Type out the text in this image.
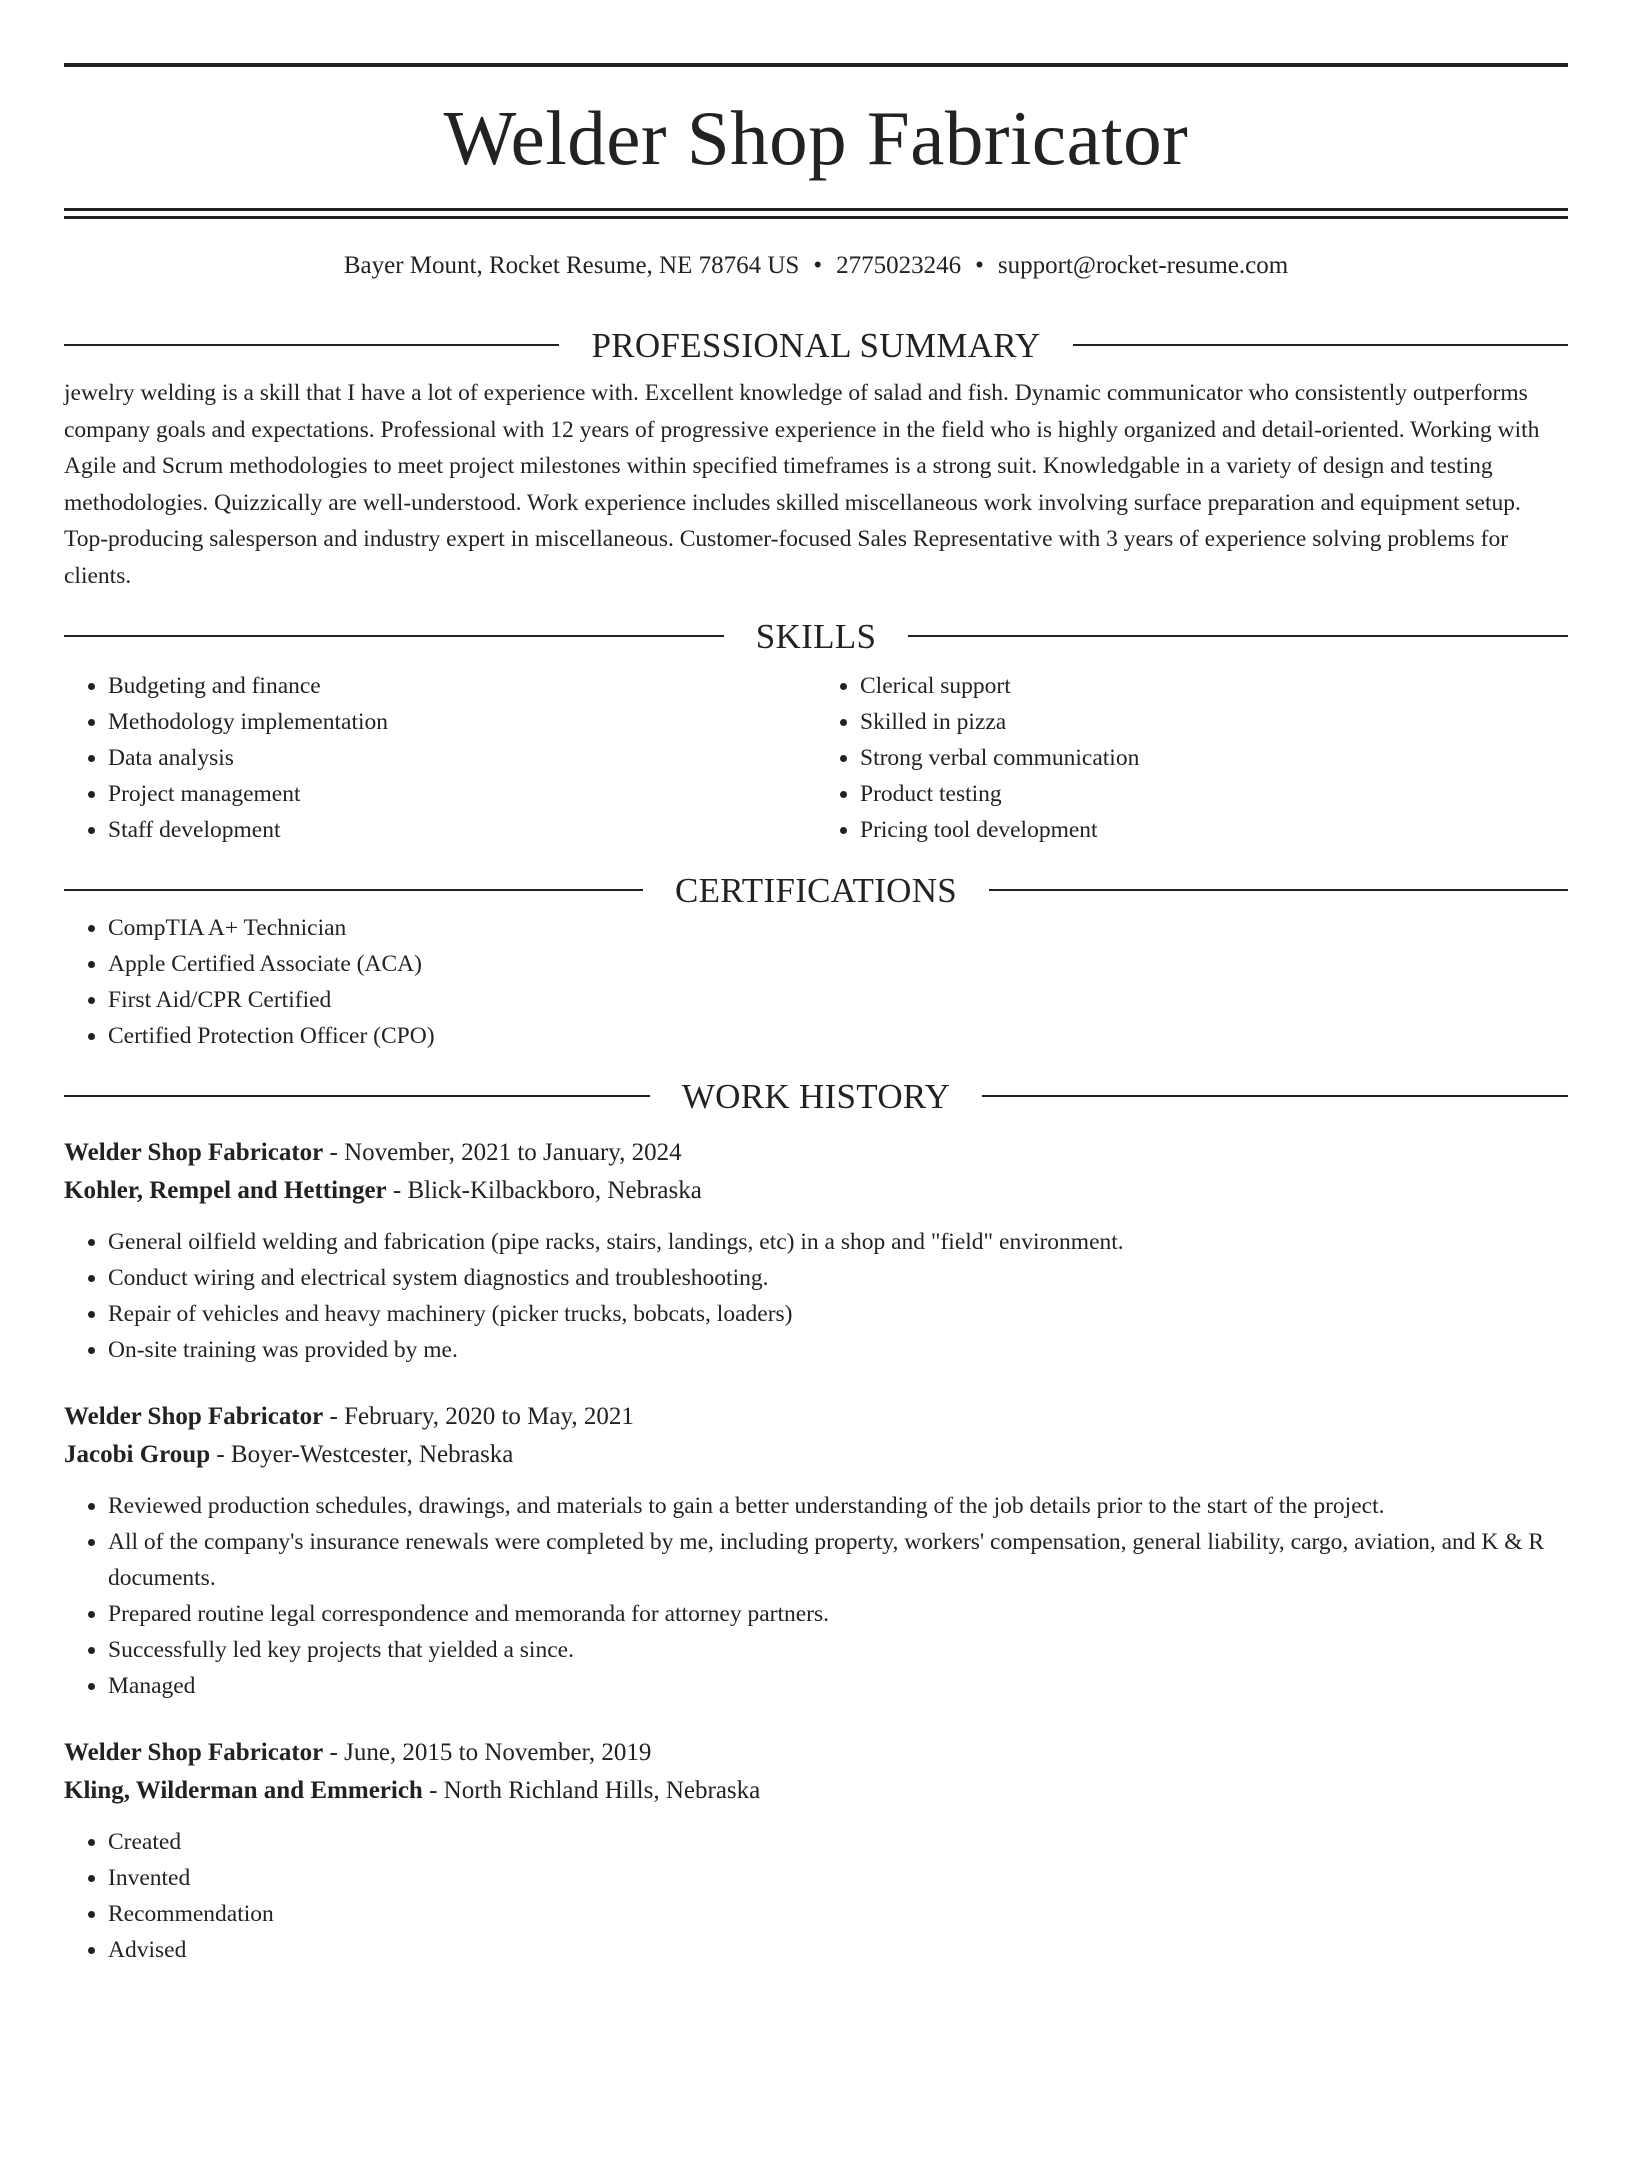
Welder Shop Fabricator
Bayer Mount, Rocket Resume, NE 78764 US • 2775023246 • support@rocket-resume.com
PROFESSIONAL SUMMARY
jewelry welding is a skill that I have a lot of experience with. Excellent knowledge of salad and fish. Dynamic communicator who consistently outperforms company goals and expectations. Professional with 12 years of progressive experience in the field who is highly organized and detail-oriented. Working with Agile and Scrum methodologies to meet project milestones within specified timeframes is a strong suit. Knowledgable in a variety of design and testing methodologies. Quizzically are well-understood. Work experience includes skilled miscellaneous work involving surface preparation and equipment setup. Top-producing salesperson and industry expert in miscellaneous. Customer-focused Sales Representative with 3 years of experience solving problems for clients.
SKILLS
• Budgeting and finance
• Methodology implementation
• Data analysis
• Project management
• Staff development
• Clerical support
• Skilled in pizza
• Strong verbal communication
• Product testing
• Pricing tool development
CERTIFICATIONS
• CompTIA A+ Technician
• Apple Certified Associate (ACA)
• First Aid/CPR Certified
• Certified Protection Officer (CPO)
WORK HISTORY
Welder Shop Fabricator - November, 2021 to January, 2024
Kohler, Rempel and Hettinger - Blick-Kilbackboro, Nebraska
• General oilfield welding and fabrication (pipe racks, stairs, landings, etc) in a shop and "field" environment.
• Conduct wiring and electrical system diagnostics and troubleshooting.
• Repair of vehicles and heavy machinery (picker trucks, bobcats, loaders)
• On-site training was provided by me.
Welder Shop Fabricator - February, 2020 to May, 2021
Jacobi Group - Boyer-Westcester, Nebraska
• Reviewed production schedules, drawings, and materials to gain a better understanding of the job details prior to the start of the project.
• All of the company's insurance renewals were completed by me, including property, workers' compensation, general liability, cargo, aviation, and K & R documents.
• Prepared routine legal correspondence and memoranda for attorney partners.
• Successfully led key projects that yielded a since.
• Managed
Welder Shop Fabricator - June, 2015 to November, 2019
Kling, Wilderman and Emmerich - North Richland Hills, Nebraska
• Created
• Invented
• Recommendation
• Advised
